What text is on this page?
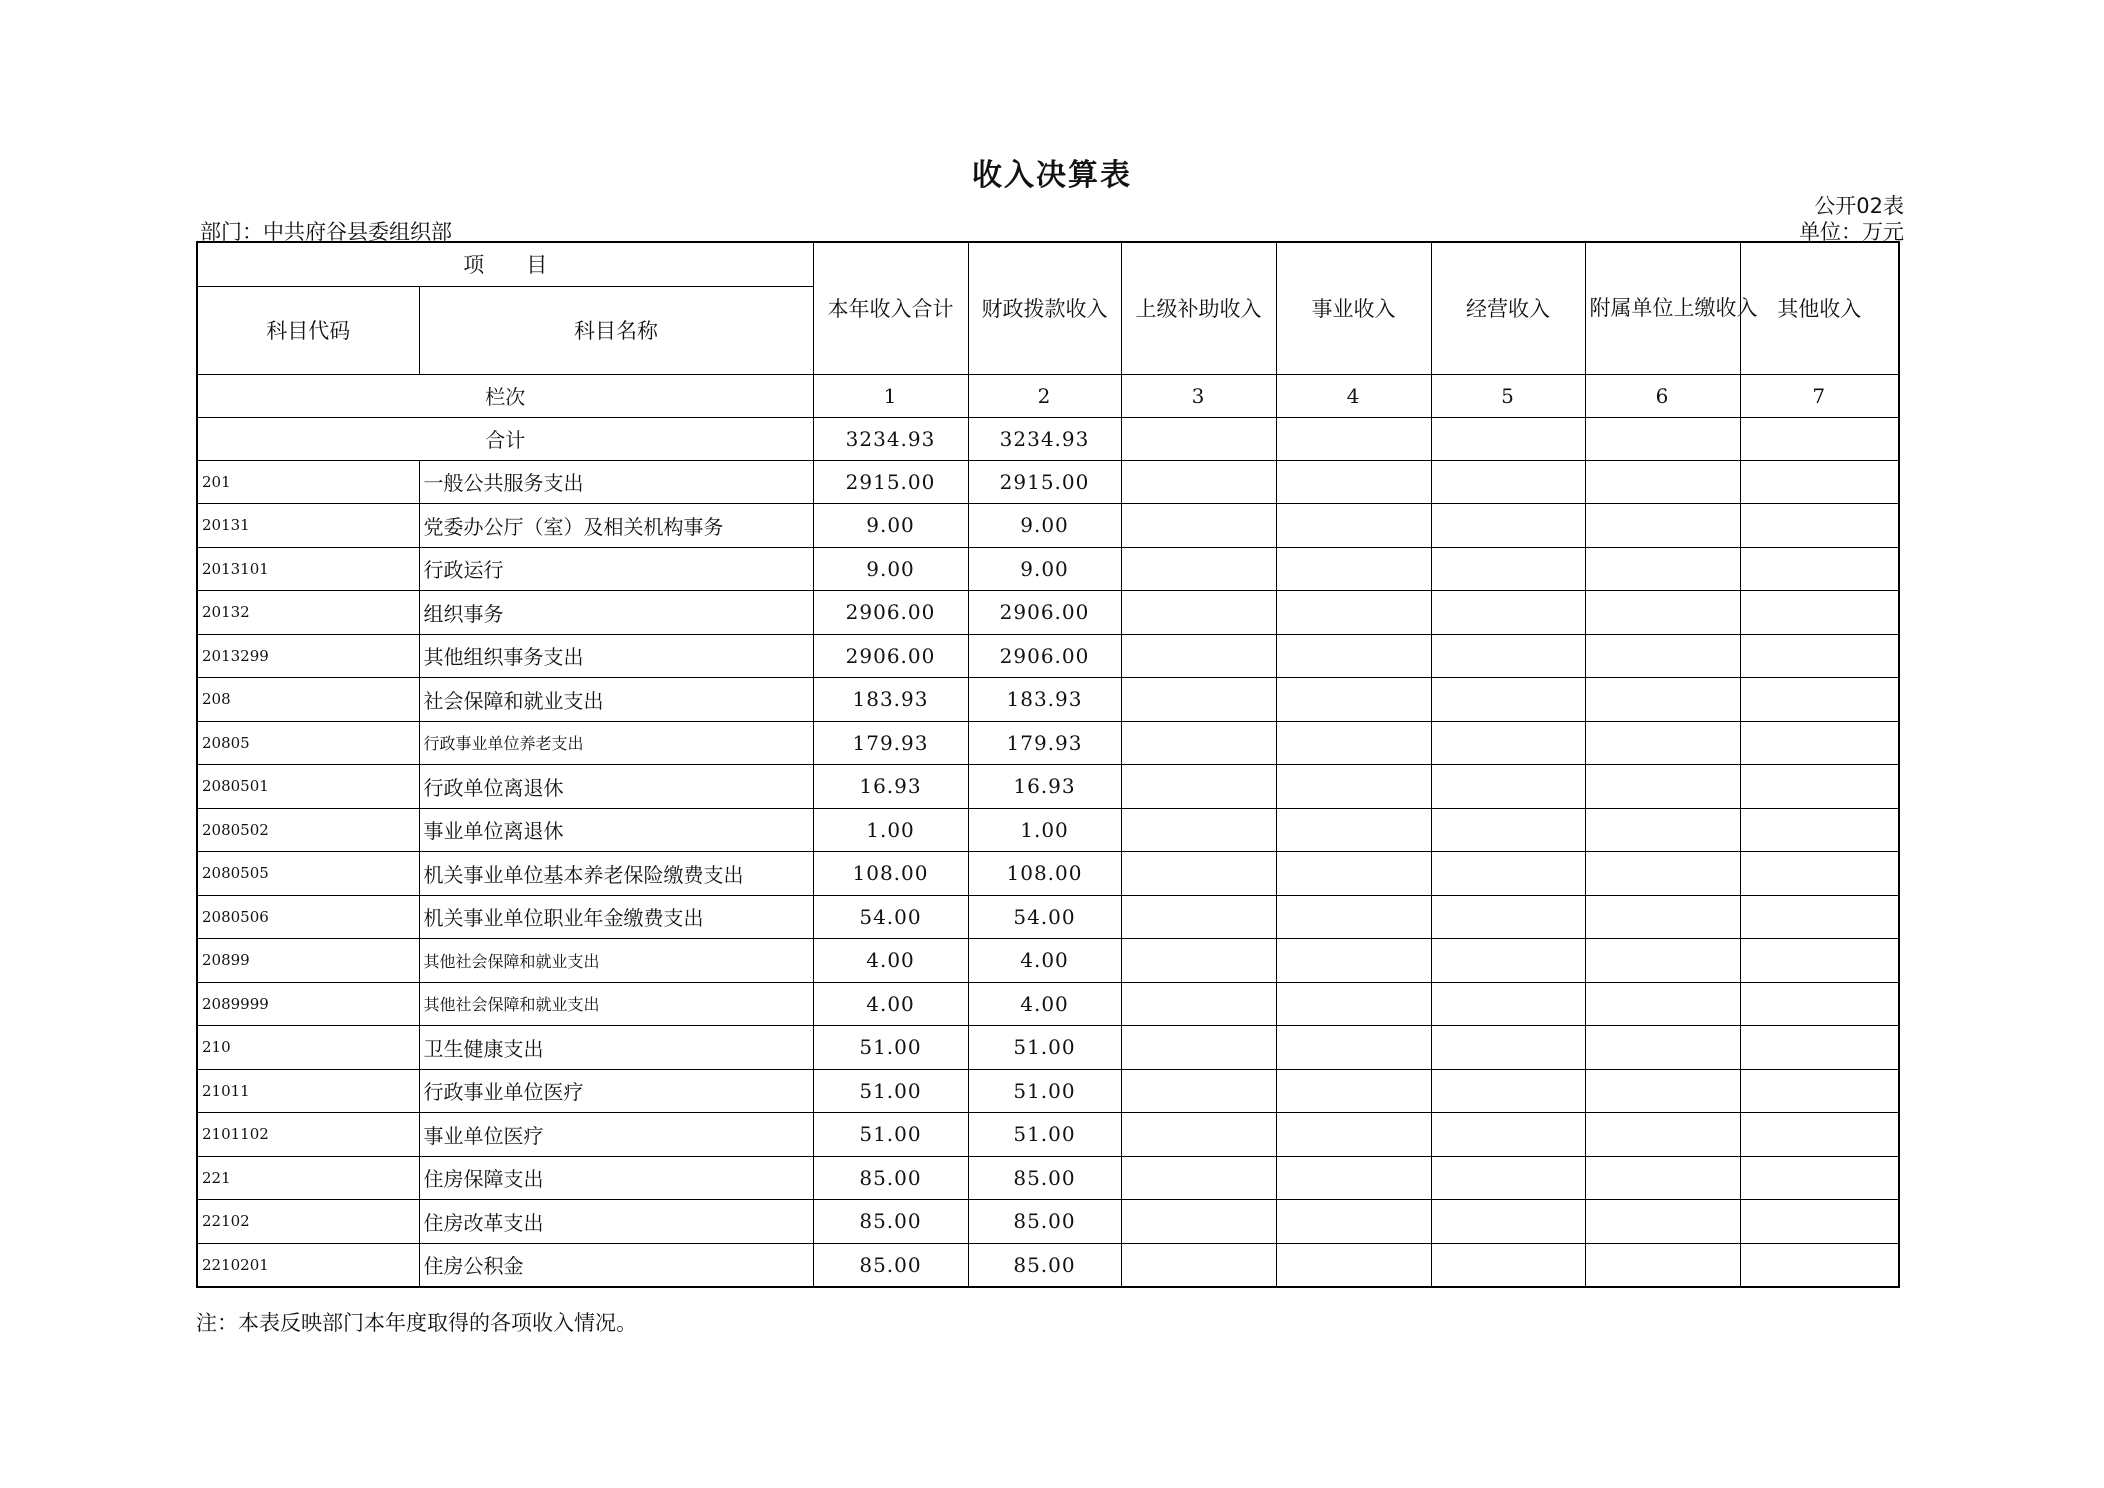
收入决算表
公开02表
部门：中共府谷县委组织部	单位：万元
项　　目		本年收入合计	财政拨款收入	上级补助收入	事业收入	经营收入	附属单位上缴收入	其他收入
科目代码	科目名称							
栏次		1	2	3	4	5	6	7
合计		3234.93	3234.93					
201	一般公共服务支出	2915.00	2915.00					
20131	党委办公厅（室）及相关机构事务	9.00	9.00					
2013101	行政运行	9.00	9.00					
20132	组织事务	2906.00	2906.00					
2013299	其他组织事务支出	2906.00	2906.00					
208	社会保障和就业支出	183.93	183.93					
20805	行政事业单位养老支出	179.93	179.93					
2080501	行政单位离退休	16.93	16.93					
2080502	事业单位离退休	1.00	1.00					
2080505	机关事业单位基本养老保险缴费支出	108.00	108.00					
2080506	机关事业单位职业年金缴费支出	54.00	54.00					
20899	其他社会保障和就业支出	4.00	4.00					
2089999	其他社会保障和就业支出	4.00	4.00					
210	卫生健康支出	51.00	51.00					
21011	行政事业单位医疗	51.00	51.00					
2101102	事业单位医疗	51.00	51.00					
221	住房保障支出	85.00	85.00					
22102	住房改革支出	85.00	85.00					
2210201	住房公积金	85.00	85.00					
注：本表反映部门本年度取得的各项收入情况。
